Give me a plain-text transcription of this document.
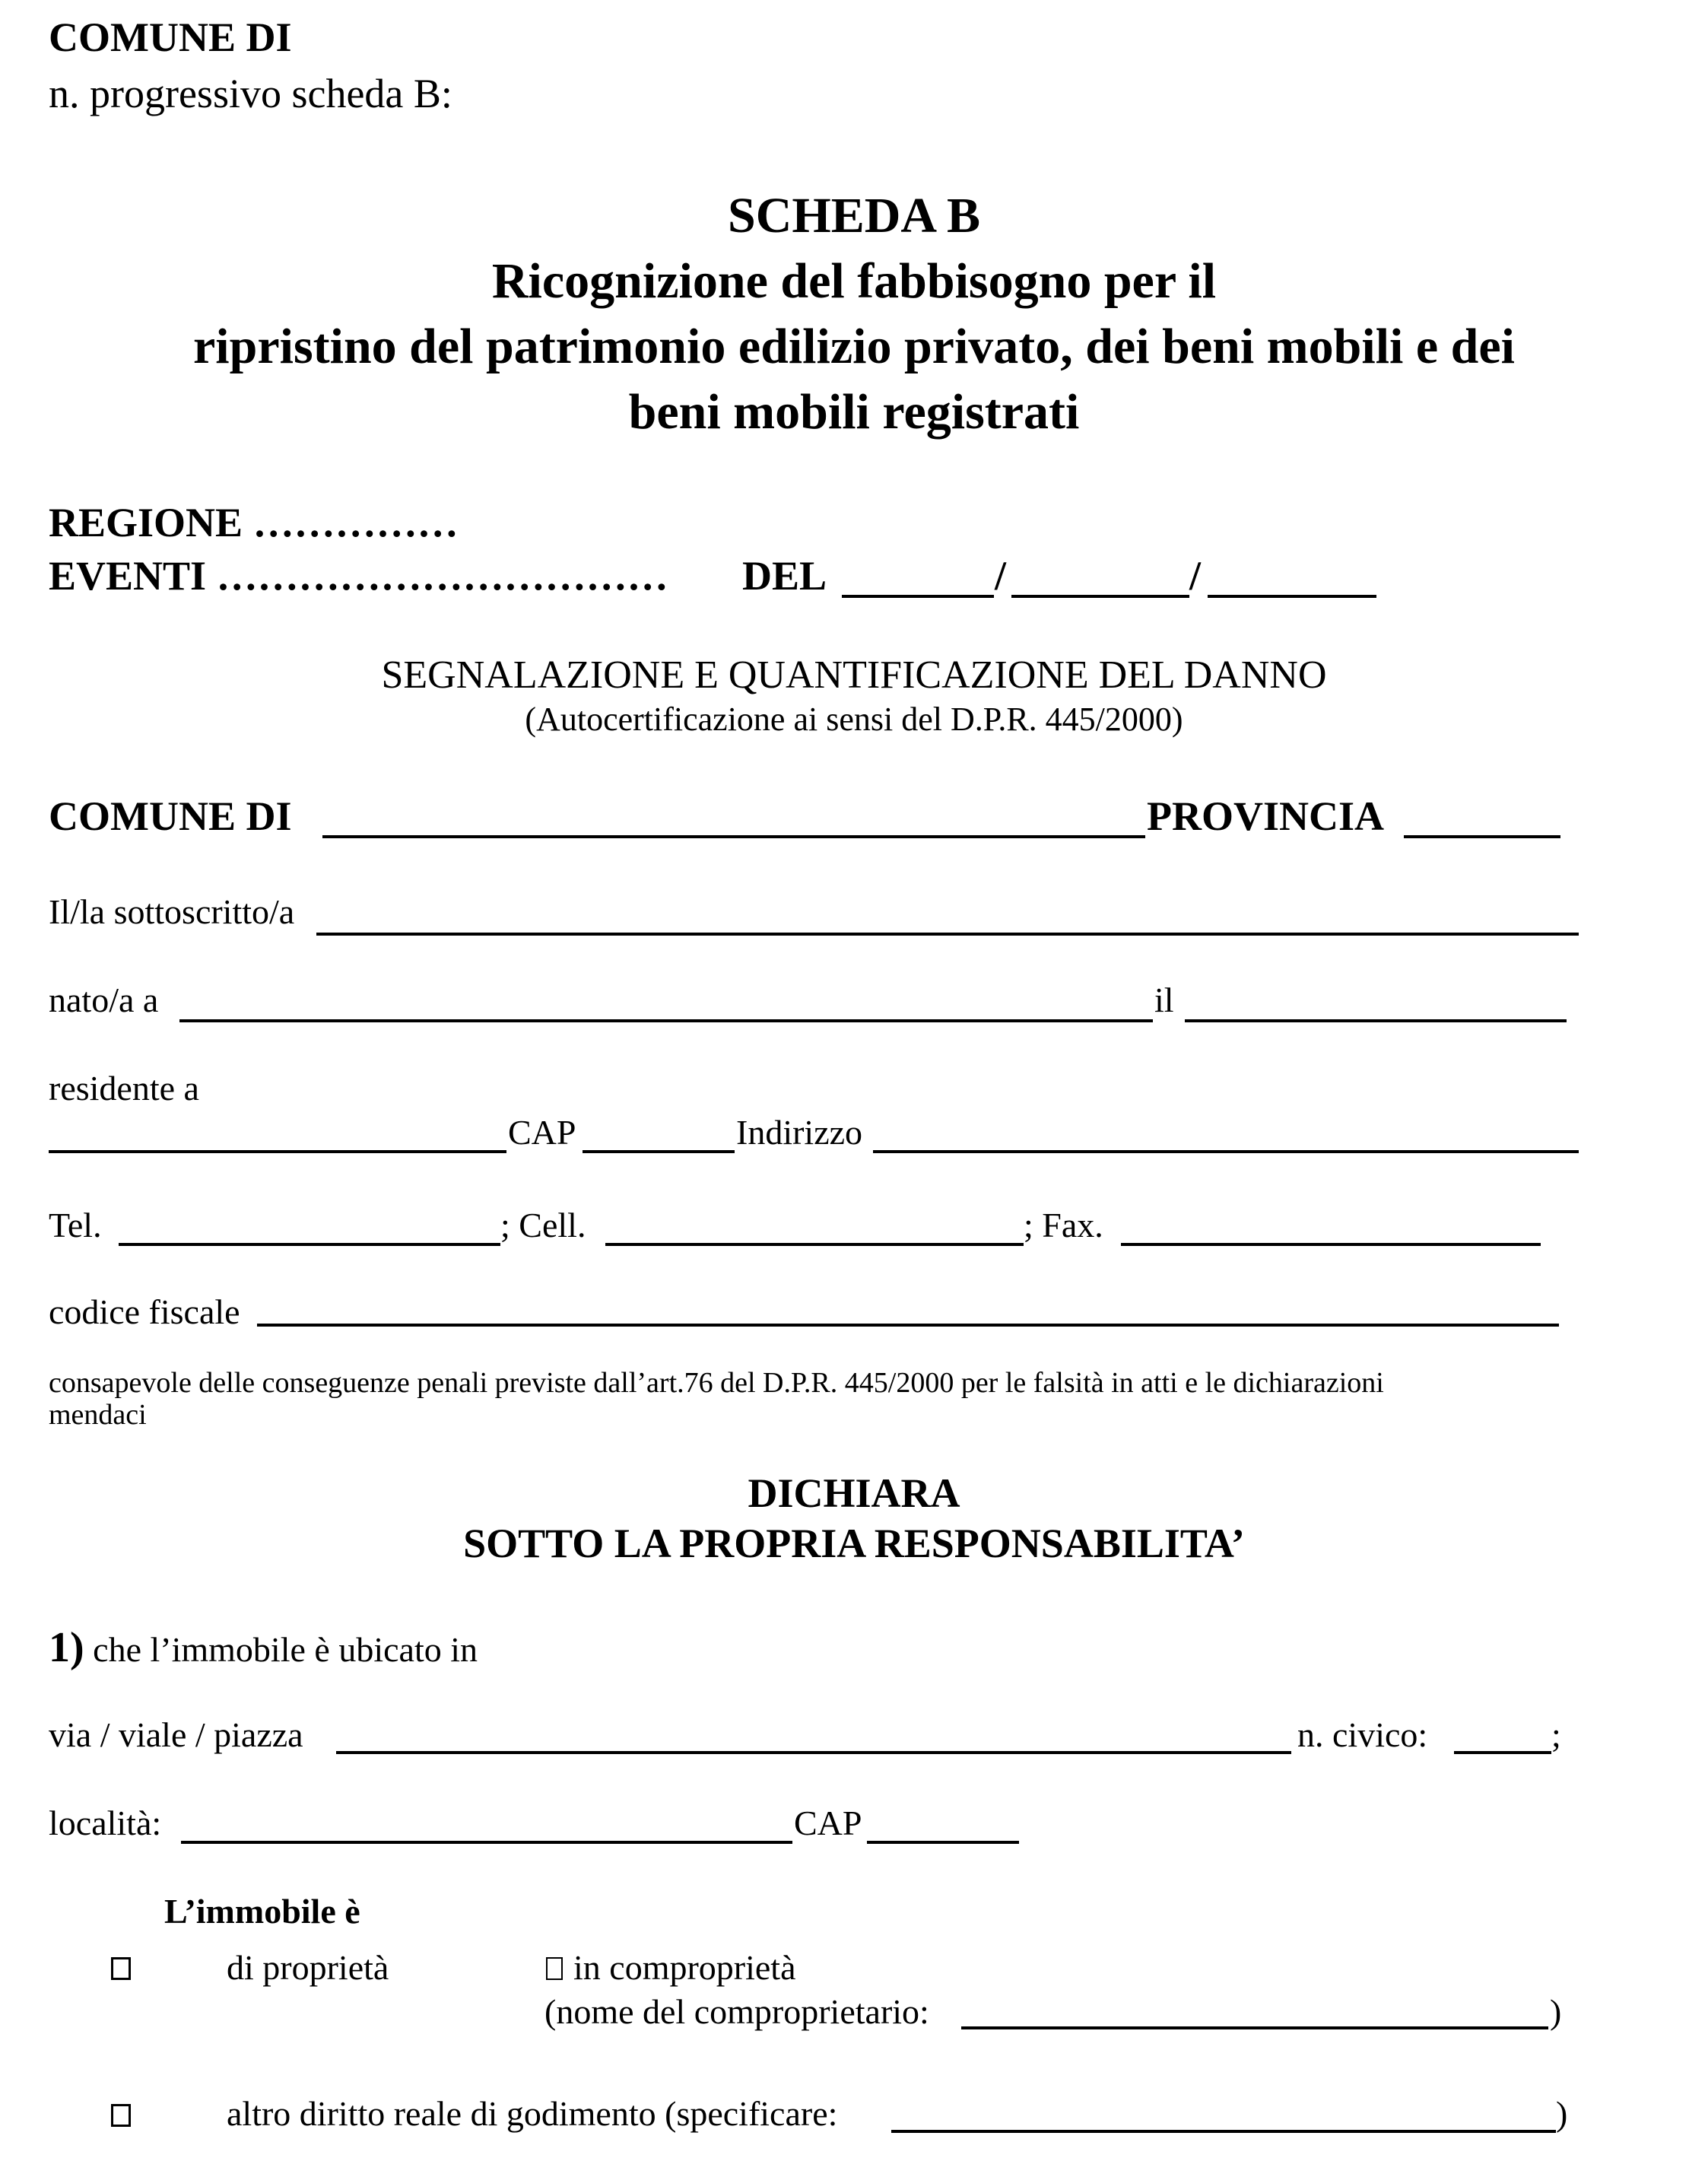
COMUNE DI
n. progressivo scheda B:
SCHEDA B
Ricognizione del fabbisogno per il
ripristino del patrimonio edilizio privato, dei beni mobili e dei
beni mobili registrati
REGIONE ……………
EVENTI …………………………… DEL	/	/
SEGNALAZIONE E QUANTIFICAZIONE DEL DANNO
(Autocertificazione ai sensi del D.P.R. 445/2000)
COMUNE DI	PROVINCIA
Il/la sottoscritto/a
nato/a a	il
residente a
CAP	Indirizzo
Tel.	; Cell.	; Fax.
codice fiscale
consapevole delle conseguenze penali previste dall’art.76 del D.P.R. 445/2000 per le falsità in atti e le dichiarazioni
mendaci
DICHIARA
SOTTO LA PROPRIA RESPONSABILITA’
1) che l’immobile è ubicato in
via / viale / piazza	n. civico:	;
località:	CAP
L’immobile è
di proprietà	in comproprietà
(nome del comproprietario:	)
altro diritto reale di godimento (specificare:	)
